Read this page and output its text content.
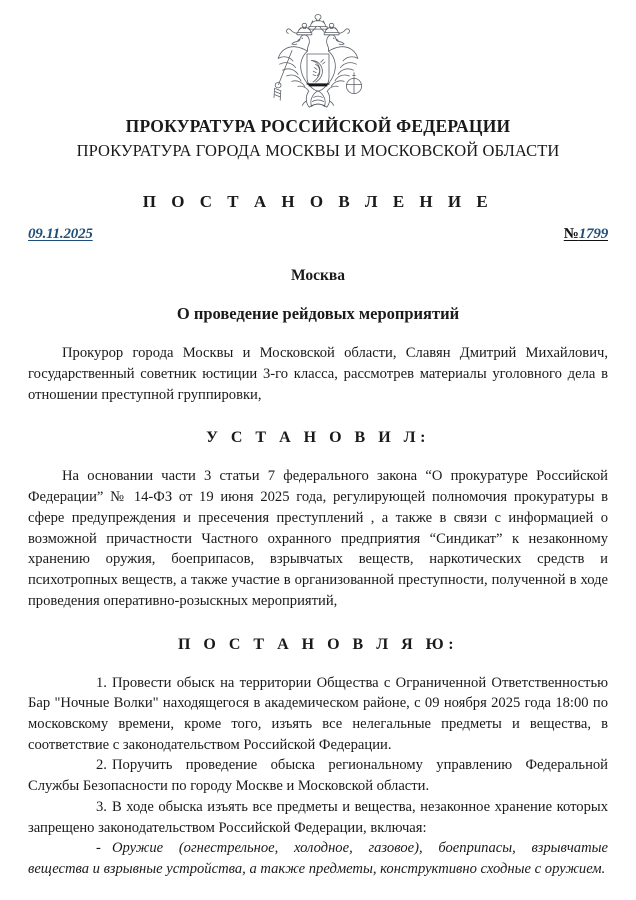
ПРОКУРАТУРА РОССИЙСКОЙ ФЕДЕРАЦИИ
ПРОКУРАТУРА ГОРОДА МОСКВЫ И МОСКОВСКОЙ ОБЛАСТИ
П О С Т А Н О В Л Е Н И Е
09.11.2025	№1799
Москва
О проведение рейдовых мероприятий

Прокурор города Москвы и Московской области, Славян Дмитрий Михайлович, государственный советник юстиции 3-го класса, рассмотрев материалы уголовного дела в отношении преступной группировки,

У С Т А Н О В И Л:

На основании части 3 статьи 7 федерального закона “О прокуратуре Российской Федерации” № 14-ФЗ от 19 июня 2025 года, регулирующей полномочия прокуратуры в сфере предупреждения и пресечения преступлений , а также в связи с информацией о возможной причастности Частного охранного предприятия “Синдикат” к незаконному хранению оружия, боеприпасов, взрывчатых веществ, наркотических средств и психотропных веществ, а также участие в организованной преступности, полученной в ходе проведения оперативно-розыскных мероприятий,

П О С Т А Н О В Л Я Ю:

1. Провести обыск на территории Общества с Ограниченной Ответственностью Бар "Ночные Волки" находящегося в академическом районе, с 09 ноября 2025 года 18:00 по московскому времени, кроме того, изъять все нелегальные предметы и вещества, в соответствие с законодательством Российской Федерации.

2. Поручить проведение обыска региональному управлению Федеральной Службы Безопасности по городу Москве и Московской области.

3. В ходе обыска изъять все предметы и вещества, незаконное хранение которых запрещено законодательством Российской Федерации, включая:

- Оружие (огнестрельное, холодное, газовое), боеприпасы, взрывчатые вещества и взрывные устройства, а также предметы, конструктивно сходные с оружием.
